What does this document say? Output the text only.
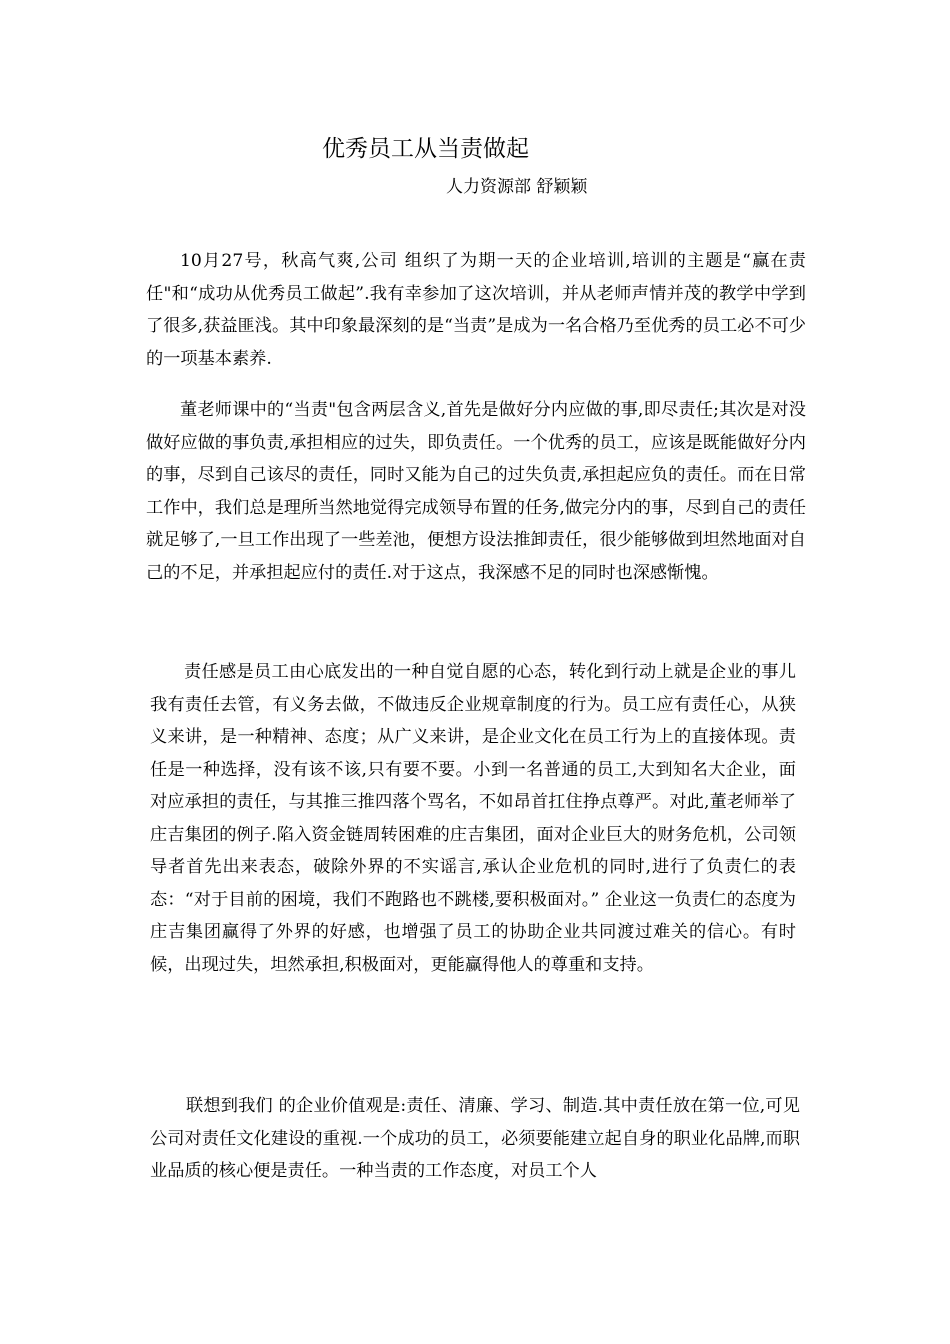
优秀员工从当责做起
人力资源部 舒颖颖

10月27号，秋高气爽,公司 组织了为期一天的企业培训,培训的主题是“赢在责任"和“成功从优秀员工做起”.我有幸参加了这次培训，并从老师声情并茂的教学中学到了很多,获益匪浅。其中印象最深刻的是“当责”是成为一名合格乃至优秀的员工必不可少的一项基本素养.

董老师课中的“当责"包含两层含义,首先是做好分内应做的事,即尽责任;其次是对没做好应做的事负责,承担相应的过失，即负责任。一个优秀的员工，应该是既能做好分内的事，尽到自己该尽的责任，同时又能为自己的过失负责,承担起应负的责任。而在日常工作中，我们总是理所当然地觉得完成领导布置的任务,做完分内的事，尽到自己的责任就足够了,一旦工作出现了一些差池，便想方设法推卸责任，很少能够做到坦然地面对自己的不足，并承担起应付的责任.对于这点，我深感不足的同时也深感惭愧。

责任感是员工由心底发出的一种自觉自愿的心态，转化到行动上就是企业的事儿我有责任去管，有义务去做，不做违反企业规章制度的行为。员工应有责任心，从狭义来讲，是一种精神、态度；从广义来讲，是企业文化在员工行为上的直接体现。责任是一种选择，没有该不该,只有要不要。小到一名普通的员工,大到知名大企业，面对应承担的责任，与其推三推四落个骂名，不如昂首扛住挣点尊严。对此,董老师举了庄吉集团的例子.陷入资金链周转困难的庄吉集团，面对企业巨大的财务危机，公司领导者首先出来表态，破除外界的不实谣言,承认企业危机的同时,进行了负责仁的表态：“对于目前的困境，我们不跑路也不跳楼,要积极面对。” 企业这一负责仁的态度为庄吉集团赢得了外界的好感，也增强了员工的协助企业共同渡过难关的信心。有时候，出现过失，坦然承担,积极面对，更能赢得他人的尊重和支持。

联想到我们 的企业价值观是:责任、清廉、学习、制造.其中责任放在第一位,可见公司对责任文化建设的重视.一个成功的员工，必须要能建立起自身的职业化品牌,而职业品质的核心便是责任。一种当责的工作态度，对员工个人
